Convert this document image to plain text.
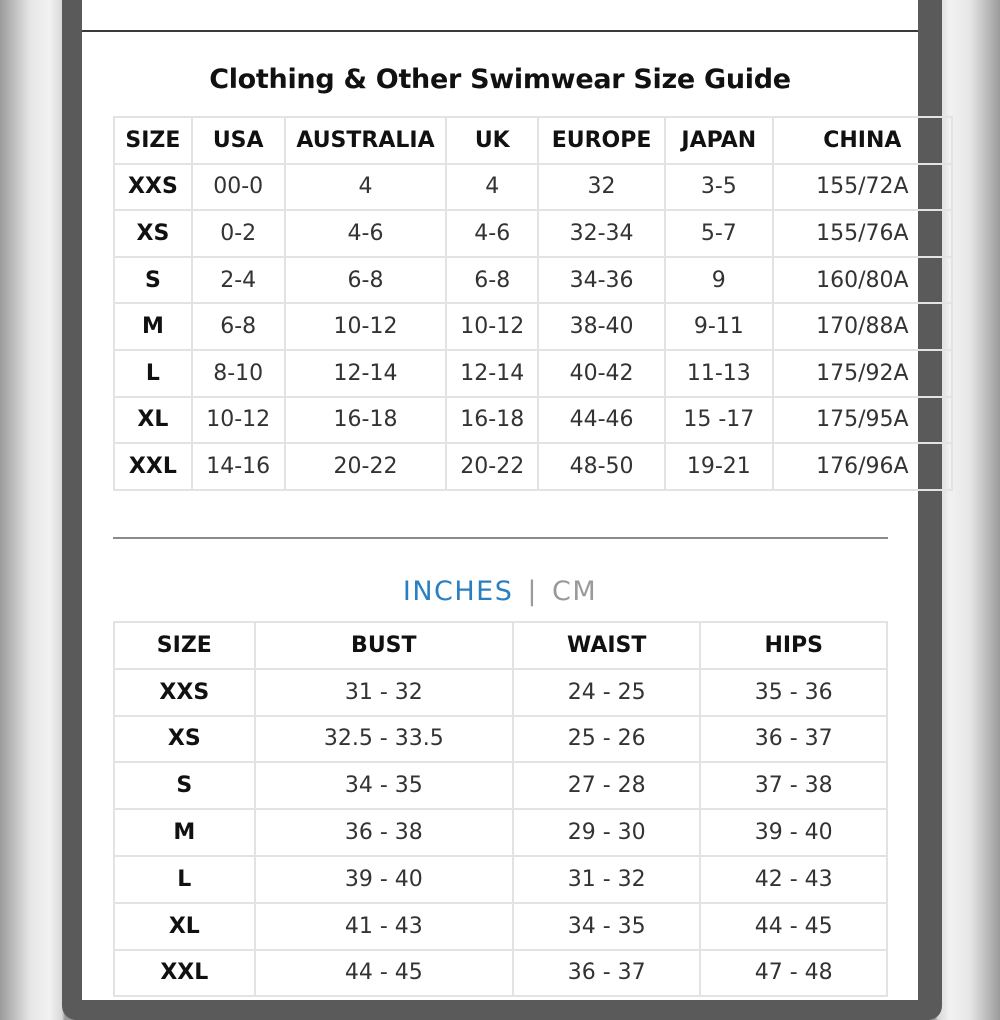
Clothing & Other Swimwear Size Guide
SIZE	USA	AUSTRALIA	UK	EUROPE	JAPAN	CHINA
XXS	00-0	4	4	32	3-5	155/72A
XS	0-2	4-6	4-6	32-34	5-7	155/76A
S	2-4	6-8	6-8	34-36	9	160/80A
M	6-8	10-12	10-12	38-40	9-11	170/88A
L	8-10	12-14	12-14	40-42	11-13	175/92A
XL	10-12	16-18	16-18	44-46	15 -17	175/95A
XXL	14-16	20-22	20-22	48-50	19-21	176/96A
INCHES | CM
SIZE	BUST	WAIST	HIPS
XXS	31 - 32	24 - 25	35 - 36
XS	32.5 - 33.5	25 - 26	36 - 37
S	34 - 35	27 - 28	37 - 38
M	36 - 38	29 - 30	39 - 40
L	39 - 40	31 - 32	42 - 43
XL	41 - 43	34 - 35	44 - 45
XXL	44 - 45	36 - 37	47 - 48
